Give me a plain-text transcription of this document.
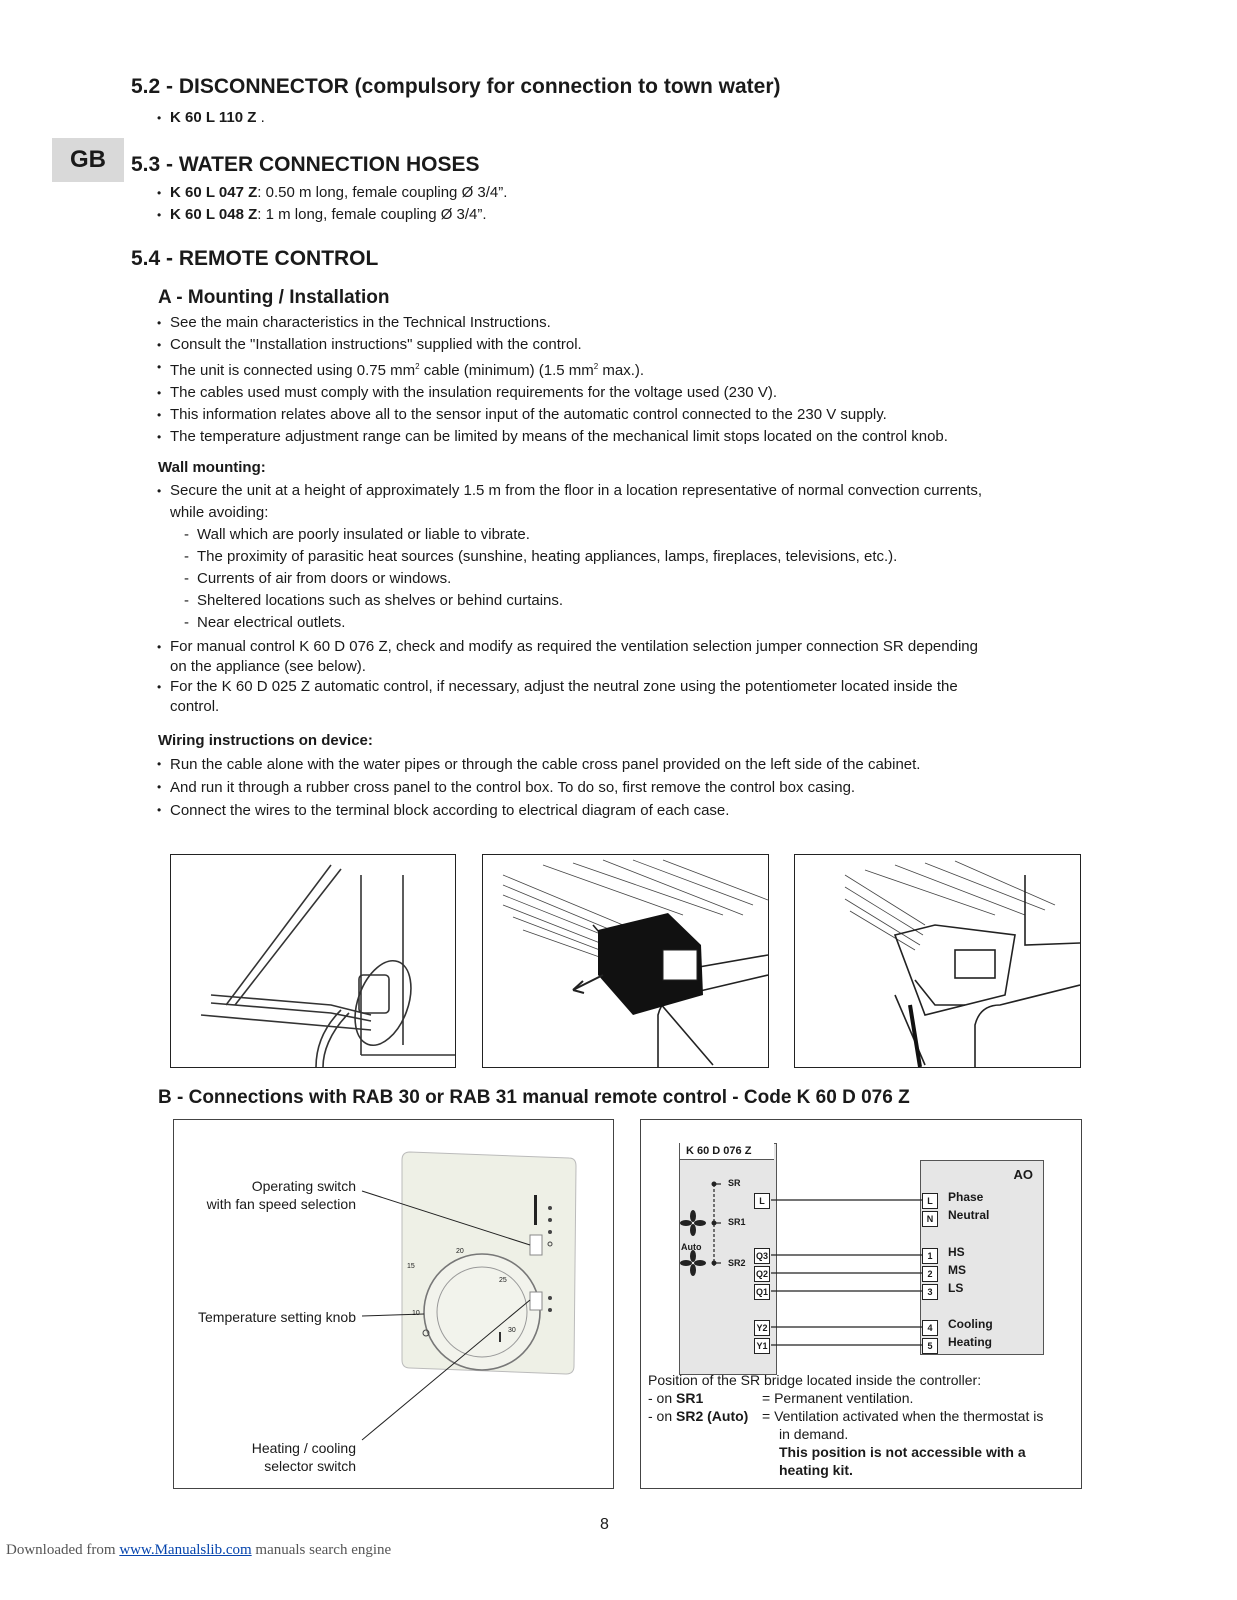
5.2 - DISCONNECTOR (compulsory for connection to town water)
• K 60 L 110 Z .
GB	5.3 - WATER CONNECTION HOSES
• K 60 L 047 Z: 0.50 m long, female coupling Ø 3/4”.
• K 60 L 048 Z: 1 m long, female coupling Ø 3/4”.
5.4 - REMOTE CONTROL
A - Mounting / Installation
• See the main characteristics in the Technical Instructions.
• Consult the "Installation instructions" supplied with the control.
• The unit is connected using 0.75 $mm^2$ cable (minimum) (1.5 $mm^2$ max.).
• The cables used must comply with the insulation requirements for the voltage used (230 V).
• This information relates above all to the sensor input of the automatic control connected to the 230 V supply.
• The temperature adjustment range can be limited by means of the mechanical limit stops located on the control knob.
Wall mounting:
• Secure the unit at a height of approximately 1.5 m from the floor in a location representative of normal convection currents,
while avoiding:
- Wall which are poorly insulated or liable to vibrate.
- The proximity of parasitic heat sources (sunshine, heating appliances, lamps, fireplaces, televisions, etc.).
- Currents of air from doors or windows.
- Sheltered locations such as shelves or behind curtains.
- Near electrical outlets.
• For manual control K 60 D 076 Z, check and modify as required the ventilation selection jumper connection SR depending
on the appliance (see below).
• For the K 60 D 025 Z automatic control, if necessary, adjust the neutral zone using the potentiometer located inside the
control.
Wiring instructions on device:
• Run the cable alone with the water pipes or through the cable cross panel provided on the left side of the cabinet.
• And run it through a rubber cross panel to the control box. To do so, first remove the control box casing.
• Connect the wires to the terminal block according to electrical diagram of each case.
B - Connections with RAB 30 or RAB 31 manual remote control - Code K 60 D 076 Z
15
20
25
10
30
Operating switch
with fan speed selection
Temperature setting knob
Heating / cooling
selector switch
K 60 D 076 Z
AO
SR
SR1
SR2
Auto
L
Q3
Q2
Q1
Y2
Y1
L
N
1
2
3
4
5
Phase
Neutral
HS
MS
LS
Cooling
Heating
Position of the SR bridge located inside the controller:
- on SR1	= Permanent ventilation.
- on SR2 (Auto) = Ventilation activated when the thermostat is
in demand.
This position is not accessible with a
heating kit.
8
Downloaded from www.Manualslib.com manuals search engine
